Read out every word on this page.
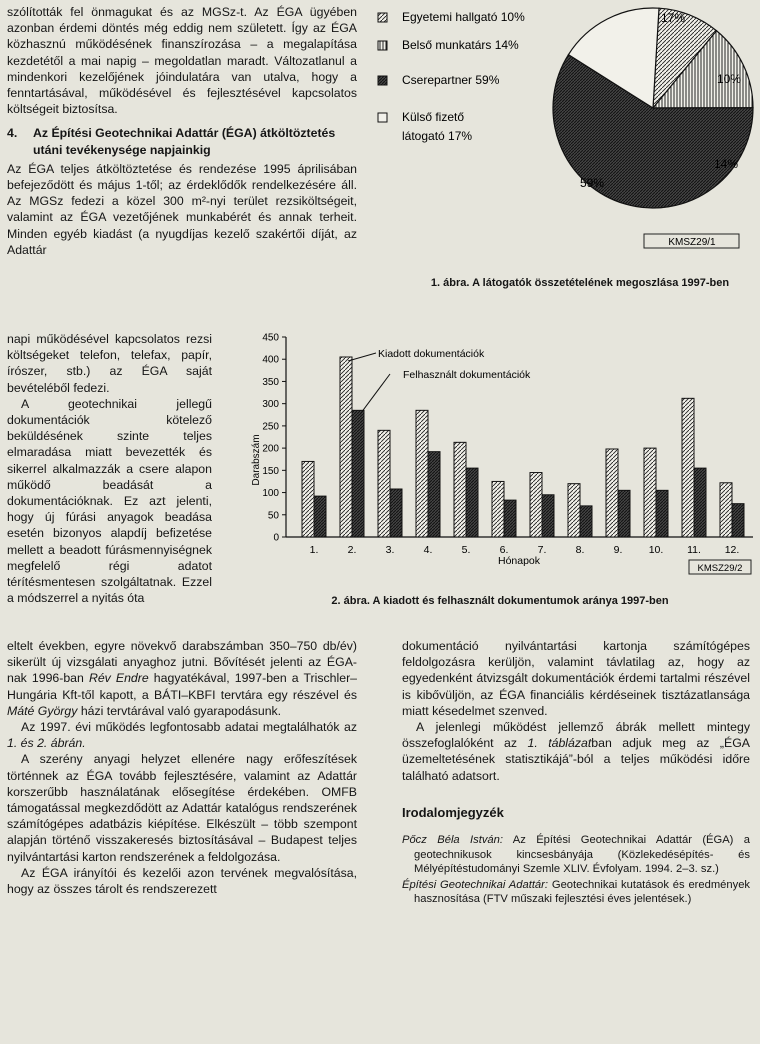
szólították fel önmagukat és az MGSz-t. Az ÉGA ügyében azonban érdemi döntés még eddig nem született. Így az ÉGA közhasznú működésének finanszírozása – a megalapítása kezdetétől a mai napig – megoldatlan maradt. Változatlanul a mindenkori kezelőjének jóindulatára van utalva, hogy a fenntartásával, működésével és fejlesztésével kapcsolatos költségeit biztosítsa.

4.	Az Építési Geotechnikai Adattár (ÉGA) átköltöztetés utáni tevékenysége napjainkig

Az ÉGA teljes átköltöztetése és rendezése 1995 áprilisában befejeződött és május 1-től; az érdeklődők rendelkezésére áll. Az MGSz fedezi a közel 300 m²-nyi terület rezsiköltségeit, valamint az ÉGA vezetőjének munkabérét és annak terheit. Minden egyéb kiadást (a nyugdíjas kezelő szakértői díját, az Adattár

napi működésével kapcsolatos rezsi költségeket telefon, telefax, papír, írószer, stb.) az ÉGA saját bevételéből fedezi.

A geotechnikai jellegű dokumentációk kötelező beküldésének szinte teljes elmaradása miatt bevezették és sikerrel alkalmazzák a csere alapon működő beadását a dokumentációknak. Ez azt jelenti, hogy új fúrási anyagok beadása esetén bizonyos alapdíj befizetése mellett a beadott fúrásmennyiségnek megfelelő régi adatot térítésmentesen szolgáltatnak. Ezzel a módszerrel a nyitás óta

eltelt években, egyre növekvő darabszámban 350–750 db/év) sikerült új vizsgálati anyaghoz jutni. Bővítését jelenti az ÉGA-nak 1996-ban Rév Endre hagyatékával, 1997-ben a Trischler–Hungária Kft-től kapott, a BÁTI–KBFI tervtára egy részével és Máté György házi tervtárával való gyarapodásunk.

Az 1997. évi működés legfontosabb adatai megtalálhatók az 1. és 2. ábrán.

A szerény anyagi helyzet ellenére nagy erőfeszítések történnek az ÉGA tovább fejlesztésére, valamint az Adattár korszerűbb használatának elősegítése érdekében. OMFB támogatással megkezdődött az Adattár katalógus rendszerének számítógépes adatbázis kiépítése. Elkészült – több szempont alapján történő visszakeresés biztosításával – Budapest teljes nyilvántartási karton rendszerének a feldolgozása.

Az ÉGA irányítói és kezelői azon tervének megvalósítása, hogy az összes tárolt és rendszerezett

dokumentáció nyilvántartási kartonja számítógépes feldolgozásra kerüljön, valamint távlatilag az, hogy az egyedenként átvizsgált dokumentációk érdemi tartalmi részével is kibővüljön, az ÉGA financiális kérdéseinek tisztázatlansága miatt késedelmet szenved.

A jelenlegi működést jellemző ábrák mellett mintegy összefoglalóként az 1. táblázatban adjuk meg az „ÉGA üzemeltetésének statisztikájá”-ból a teljes működési időre található adatsort.

Irodalomjegyzék

Pőcz Béla István: Az Építési Geotechnikai Adattár (ÉGA) a geotechnikusok kincsesbányája (Közlekedésépítés- és Mélyépítéstudományi Szemle XLIV. Évfolyam. 1994. 2–3. sz.)

Építési Geotechnikai Adattár: Geotechnikai kutatások és eredmények hasznosítása (FTV műszaki fejlesztési éves jelentések.)

Egyetemi hallgató 10%
Belső munkatárs 14%
Cserepartner 59%
Külső fizető
látogató 17%
10%
14%
59%
17%
KMSZ29/1
1. ábra. A látogatók összetételének megoszlása 1997-ben
0
50
100
150
200
250
300
350
400
450
1.	2.	3.	4.	5.	6.	7.	8.	9.	10. 11. 12.
Darabszám
Hónapok
Kiadott dokumentációk
Felhasznált dokumentációk
KMSZ29/2
2. ábra. A kiadott és felhasznált dokumentumok aránya 1997-ben
